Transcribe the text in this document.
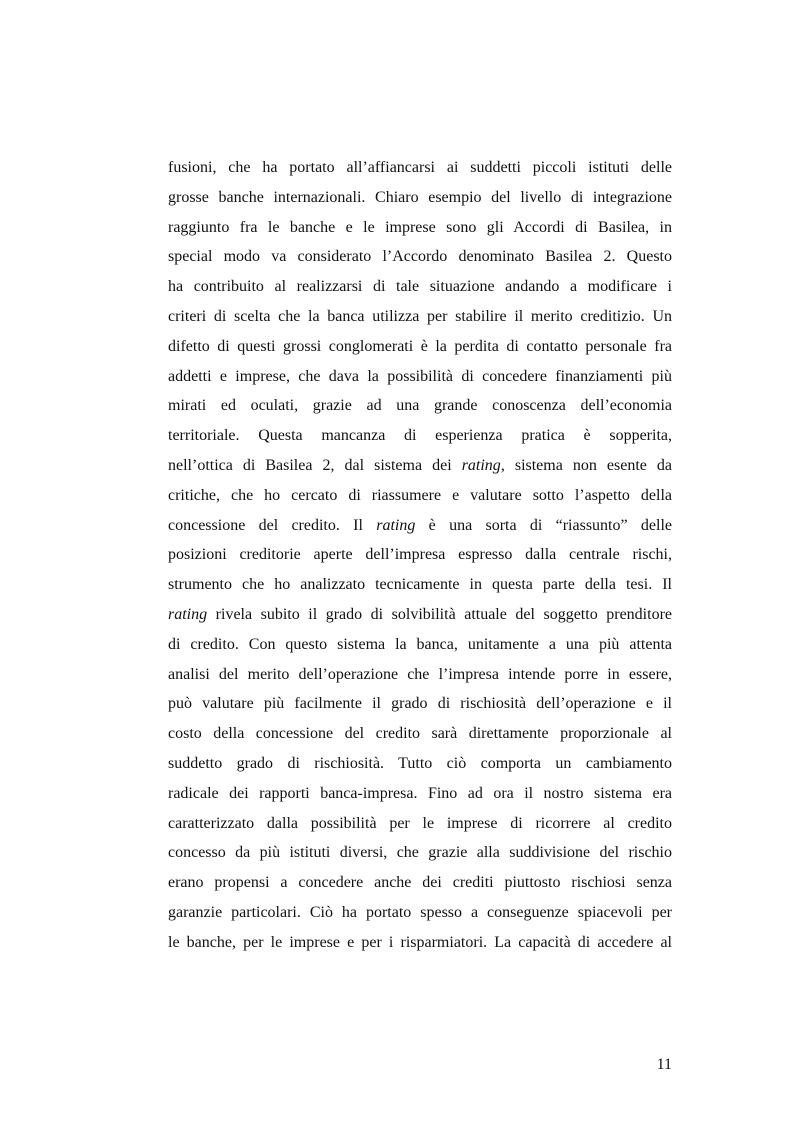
fusioni, che ha portato all’affiancarsi ai suddetti piccoli istituti delle
grosse banche internazionali. Chiaro esempio del livello di integrazione
raggiunto fra le banche e le imprese sono gli Accordi di Basilea, in
special modo va considerato l’Accordo denominato Basilea 2. Questo
ha contribuito al realizzarsi di tale situazione andando a modificare i
criteri di scelta che la banca utilizza per stabilire il merito creditizio. Un
difetto di questi grossi conglomerati è la perdita di contatto personale fra
addetti e imprese, che dava la possibilità di concedere finanziamenti più
mirati ed oculati, grazie ad una grande conoscenza dell’economia
territoriale. Questa mancanza di esperienza pratica è sopperita,
nell’ottica di Basilea 2, dal sistema dei rating, sistema non esente da
critiche, che ho cercato di riassumere e valutare sotto l’aspetto della
concessione del credito. Il rating è una sorta di “riassunto” delle
posizioni creditorie aperte dell’impresa espresso dalla centrale rischi,
strumento che ho analizzato tecnicamente in questa parte della tesi. Il
rating rivela subito il grado di solvibilità attuale del soggetto prenditore
di credito. Con questo sistema la banca, unitamente a una più attenta
analisi del merito dell’operazione che l’impresa intende porre in essere,
può valutare più facilmente il grado di rischiosità dell’operazione e il
costo della concessione del credito sarà direttamente proporzionale al
suddetto grado di rischiosità. Tutto ciò comporta un cambiamento
radicale dei rapporti banca-impresa. Fino ad ora il nostro sistema era
caratterizzato dalla possibilità per le imprese di ricorrere al credito
concesso da più istituti diversi, che grazie alla suddivisione del rischio
erano propensi a concedere anche dei crediti piuttosto rischiosi senza
garanzie particolari. Ciò ha portato spesso a conseguenze spiacevoli per
le banche, per le imprese e per i risparmiatori. La capacità di accedere al
11
